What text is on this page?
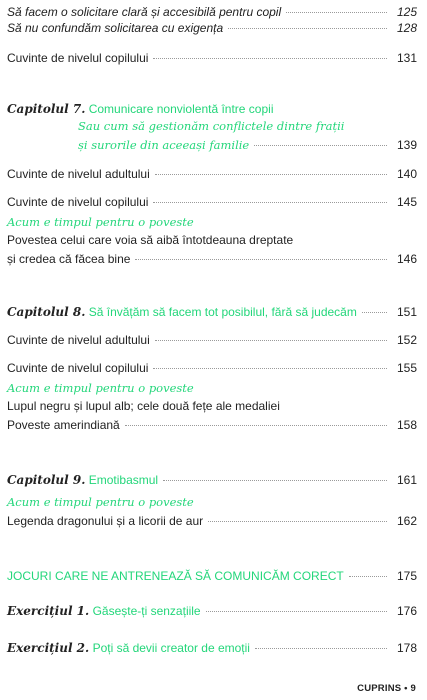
Să facem o solicitare clară și accesibilă pentru copil	125
Să nu confundăm solicitarea cu exigența	128
Cuvinte de nivelul copilului	131
Capitolul 7. Comunicare nonviolentă între copii
Sau cum să gestionăm conflictele dintre frații
și surorile din aceeași familie	139
Cuvinte de nivelul adultului	140
Cuvinte de nivelul copilului	145
Acum e timpul pentru o poveste
Povestea celui care voia să aibă întotdeauna dreptate
și credea că făcea bine	146
Capitolul 8. Să învățăm să facem tot posibilul, fără să judecăm	151
Cuvinte de nivelul adultului	152
Cuvinte de nivelul copilului	155
Acum e timpul pentru o poveste
Lupul negru și lupul alb; cele două fețe ale medaliei
Poveste amerindiană	158
Capitolul 9. Emotibasmul	161
Acum e timpul pentru o poveste
Legenda dragonului și a licorii de aur	162
JOCURI CARE NE ANTRENEAZĂ SĂ COMUNICĂM CORECT	175
Exercițiul 1. Găsește-ți senzațiile	176
Exercițiul 2. Poți să devii creator de emoții	178
CUPRINS • 9
